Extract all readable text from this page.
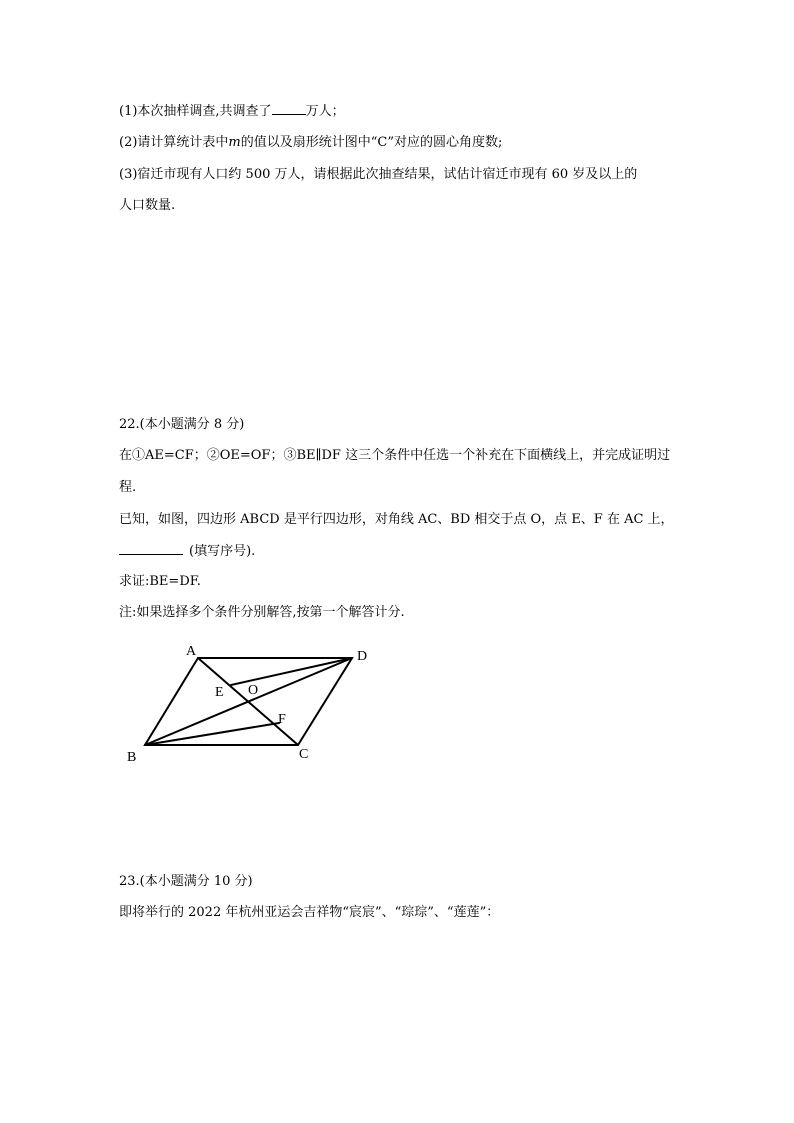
(1)本次抽样调查,共调查了	万人；
(2)请计算统计表中m的值以及扇形统计图中“C”对应的圆心角度数;
(3)宿迁市现有人口约 500 万人，请根据此次抽查结果，试估计宿迁市现有 60 岁及以上的
人口数量.
22.(本小题满分 8 分)
在①AE=CF；②OE=OF；③BE∥DF 这三个条件中任选一个补充在下面横线上，并完成证明过
程.
已知，如图，四边形 ABCD 是平行四边形，对角线 AC、BD 相交于点 O，点 E、F 在 AC 上，
(填写序号).
求证:BE=DF.
注:如果选择多个条件分别解答,按第一个解答计分.
A	D
E O
F
B	C
23.(本小题满分 10 分)
即将举行的 2022 年杭州亚运会吉祥物“宸宸”、“琮琮”、“莲莲”：
